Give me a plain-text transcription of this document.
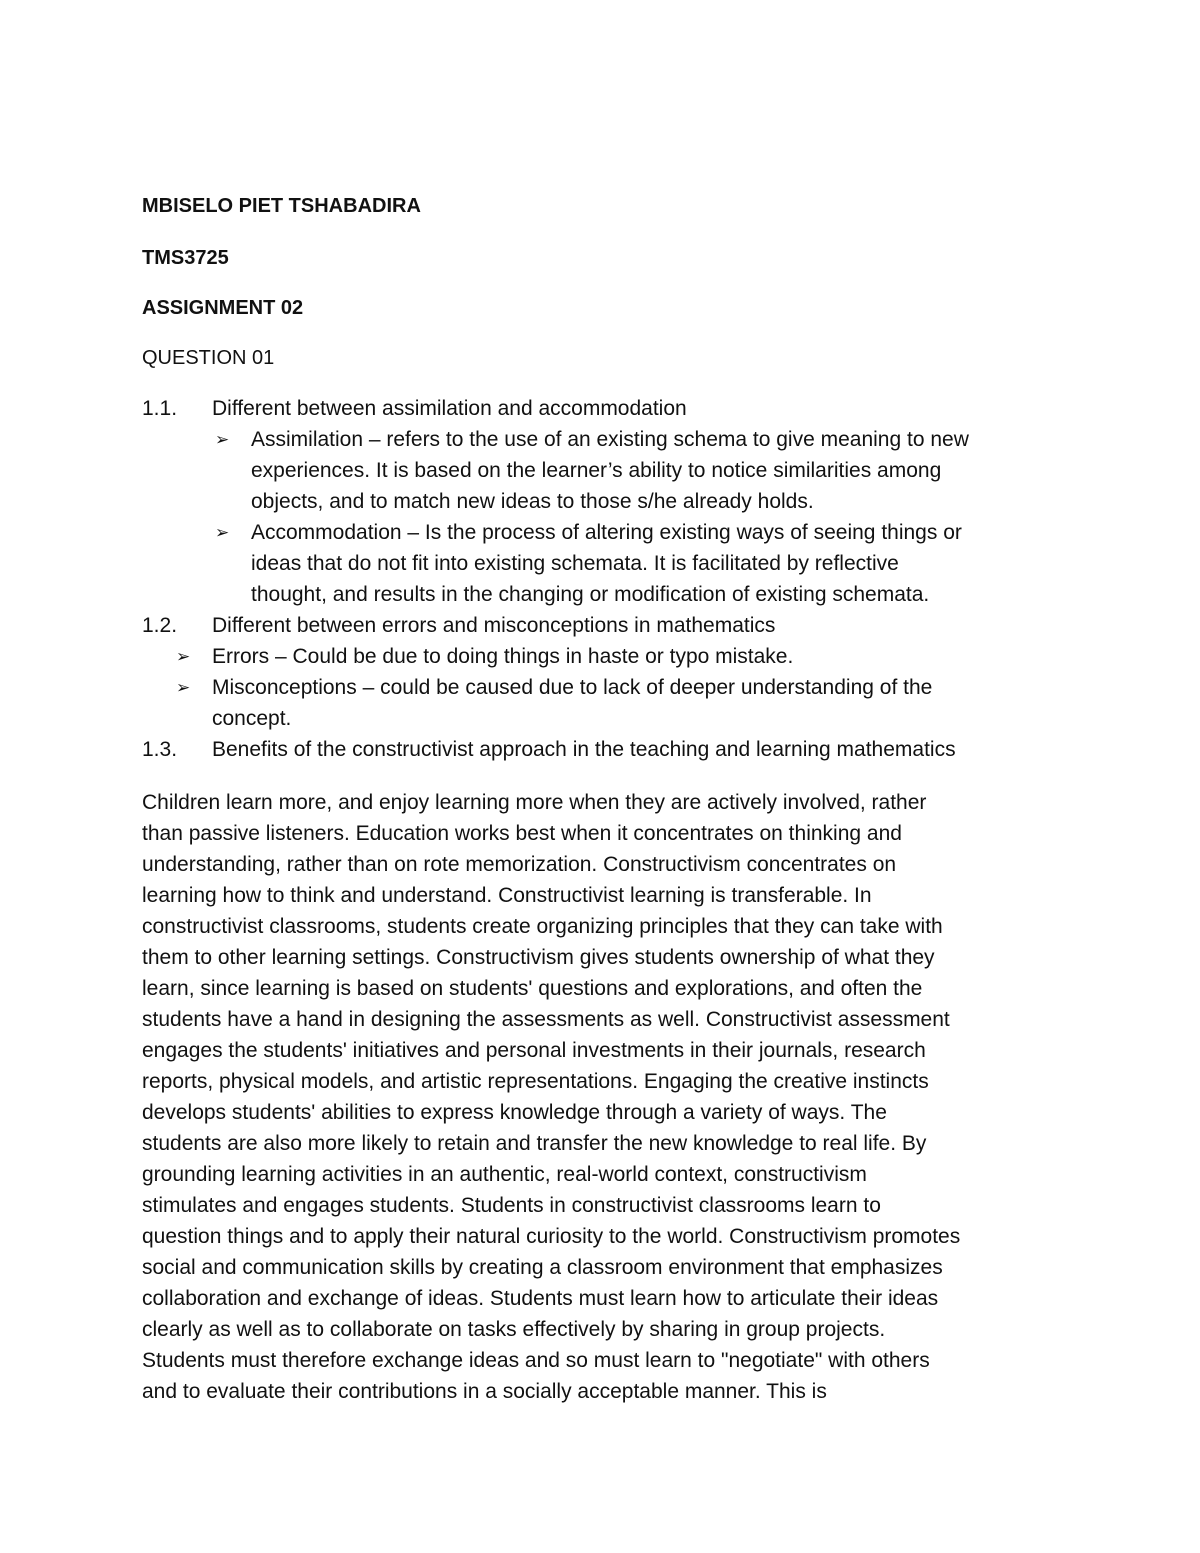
MBISELO PIET TSHABADIRA
TMS3725
ASSIGNMENT 02
QUESTION 01
1.1. Different between assimilation and accommodation
➢	Assimilation – refers to the use of an existing schema to give meaning to new
experiences. It is based on the learner’s ability to notice similarities among
objects, and to match new ideas to those s/he already holds.
➢	Accommodation – Is the process of altering existing ways of seeing things or
ideas that do not fit into existing schemata. It is facilitated by reflective
thought, and results in the changing or modification of existing schemata.
1.2. Different between errors and misconceptions in mathematics
➢	Errors – Could be due to doing things in haste or typo mistake.
➢	Misconceptions – could be caused due to lack of deeper understanding of the
concept.
1.3. Benefits of the constructivist approach in the teaching and learning mathematics
Children learn more, and enjoy learning more when they are actively involved, rather
than passive listeners. Education works best when it concentrates on thinking and
understanding, rather than on rote memorization. Constructivism concentrates on
learning how to think and understand. Constructivist learning is transferable. In
constructivist classrooms, students create organizing principles that they can take with
them to other learning settings. Constructivism gives students ownership of what they
learn, since learning is based on students' questions and explorations, and often the
students have a hand in designing the assessments as well. Constructivist assessment
engages the students' initiatives and personal investments in their journals, research
reports, physical models, and artistic representations. Engaging the creative instincts
develops students' abilities to express knowledge through a variety of ways. The
students are also more likely to retain and transfer the new knowledge to real life. By
grounding learning activities in an authentic, real-world context, constructivism
stimulates and engages students. Students in constructivist classrooms learn to
question things and to apply their natural curiosity to the world. Constructivism promotes
social and communication skills by creating a classroom environment that emphasizes
collaboration and exchange of ideas. Students must learn how to articulate their ideas
clearly as well as to collaborate on tasks effectively by sharing in group projects.
Students must therefore exchange ideas and so must learn to "negotiate" with others
and to evaluate their contributions in a socially acceptable manner. This is
